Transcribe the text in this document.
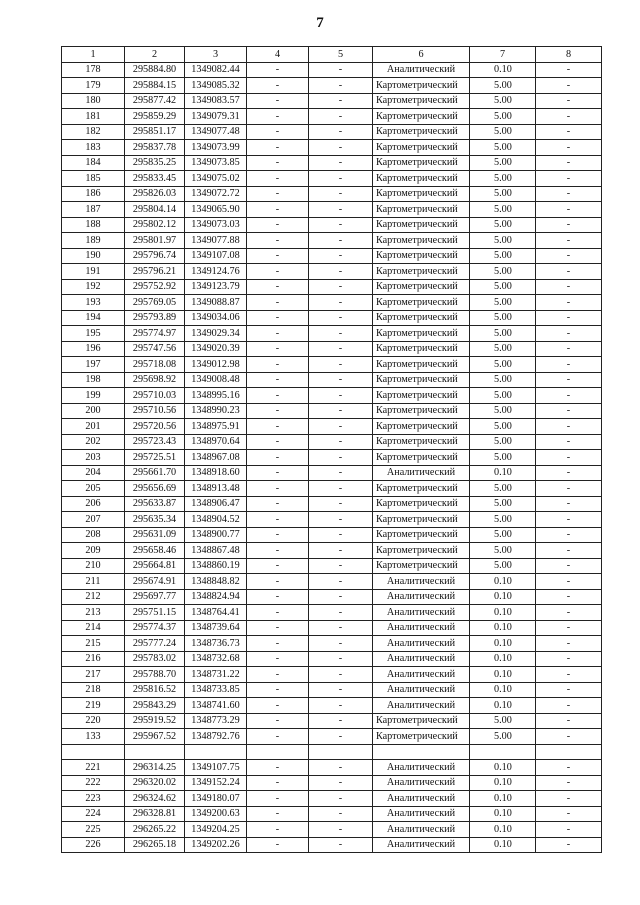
7
1	2	3	4	5	6	7	8
178	295884.80	1349082.44	-	-	Аналитический	0.10	-
179	295884.15	1349085.32	-	-	Картометрический	5.00	-
180	295877.42	1349083.57	-	-	Картометрический	5.00	-
181	295859.29	1349079.31	-	-	Картометрический	5.00	-
182	295851.17	1349077.48	-	-	Картометрический	5.00	-
183	295837.78	1349073.99	-	-	Картометрический	5.00	-
184	295835.25	1349073.85	-	-	Картометрический	5.00	-
185	295833.45	1349075.02	-	-	Картометрический	5.00	-
186	295826.03	1349072.72	-	-	Картометрический	5.00	-
187	295804.14	1349065.90	-	-	Картометрический	5.00	-
188	295802.12	1349073.03	-	-	Картометрический	5.00	-
189	295801.97	1349077.88	-	-	Картометрический	5.00	-
190	295796.74	1349107.08	-	-	Картометрический	5.00	-
191	295796.21	1349124.76	-	-	Картометрический	5.00	-
192	295752.92	1349123.79	-	-	Картометрический	5.00	-
193	295769.05	1349088.87	-	-	Картометрический	5.00	-
194	295793.89	1349034.06	-	-	Картометрический	5.00	-
195	295774.97	1349029.34	-	-	Картометрический	5.00	-
196	295747.56	1349020.39	-	-	Картометрический	5.00	-
197	295718.08	1349012.98	-	-	Картометрический	5.00	-
198	295698.92	1349008.48	-	-	Картометрический	5.00	-
199	295710.03	1348995.16	-	-	Картометрический	5.00	-
200	295710.56	1348990.23	-	-	Картометрический	5.00	-
201	295720.56	1348975.91	-	-	Картометрический	5.00	-
202	295723.43	1348970.64	-	-	Картометрический	5.00	-
203	295725.51	1348967.08	-	-	Картометрический	5.00	-
204	295661.70	1348918.60	-	-	Аналитический	0.10	-
205	295656.69	1348913.48	-	-	Картометрический	5.00	-
206	295633.87	1348906.47	-	-	Картометрический	5.00	-
207	295635.34	1348904.52	-	-	Картометрический	5.00	-
208	295631.09	1348900.77	-	-	Картометрический	5.00	-
209	295658.46	1348867.48	-	-	Картометрический	5.00	-
210	295664.81	1348860.19	-	-	Картометрический	5.00	-
211	295674.91	1348848.82	-	-	Аналитический	0.10	-
212	295697.77	1348824.94	-	-	Аналитический	0.10	-
213	295751.15	1348764.41	-	-	Аналитический	0.10	-
214	295774.37	1348739.64	-	-	Аналитический	0.10	-
215	295777.24	1348736.73	-	-	Аналитический	0.10	-
216	295783.02	1348732.68	-	-	Аналитический	0.10	-
217	295788.70	1348731.22	-	-	Аналитический	0.10	-
218	295816.52	1348733.85	-	-	Аналитический	0.10	-
219	295843.29	1348741.60	-	-	Аналитический	0.10	-
220	295919.52	1348773.29	-	-	Картометрический	5.00	-
133	295967.52	1348792.76	-	-	Картометрический	5.00	-

221	296314.25	1349107.75	-	-	Аналитический	0.10	-
222	296320.02	1349152.24	-	-	Аналитический	0.10	-
223	296324.62	1349180.07	-	-	Аналитический	0.10	-
224	296328.81	1349200.63	-	-	Аналитический	0.10	-
225	296265.22	1349204.25	-	-	Аналитический	0.10	-
226	296265.18	1349202.26	-	-	Аналитический	0.10	-
